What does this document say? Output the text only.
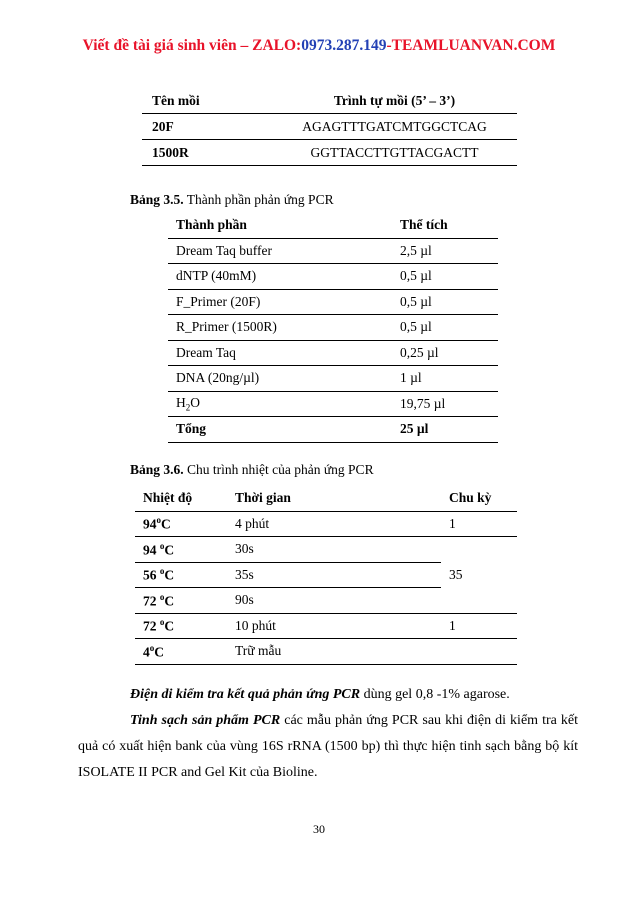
Viết đề tài giá sinh viên – ZALO:0973.287.149-TEAMLUANVAN.COM
Tên mồi	Trình tự mồi (5’ – 3’)
20F	AGAGTTTGATCMTGGCTCAG
1500R	GGTTACCTTGTTACGACTT
Bảng 3.5. Thành phần phản ứng PCR
Thành phần	Thể tích
Dream Taq buffer	2,5 µl
dNTP (40mM)	0,5 µl
F_Primer (20F)	0,5 µl
R_Primer (1500R)	0,5 µl
Dream Taq	0,25 µl
DNA (20ng/µl)	1 µl
$H_2O$	19,75 µl
Tổng	25 µl
Bảng 3.6. Chu trình nhiệt của phản ứng PCR
Nhiệt độ	Thời gian	Chu kỳ
94$^o$C	4 phút	1
94 $^o$C	30s	35
56 $^o$C	35s	
72 $^o$C	90s	
72 $^o$C	10 phút	1
4$^o$C	Trữ mẫu	
Điện di kiểm tra kết quả phản ứng PCR dùng gel 0,8 -1% agarose.
Tinh sạch sản phẩm PCR các mẫu phản ứng PCR sau khi điện di kiểm tra kết quả có xuất hiện bank của vùng 16S rRNA (1500 bp) thì thực hiện tinh sạch bằng bộ kít ISOLATE II PCR and Gel Kit của Bioline.
30
